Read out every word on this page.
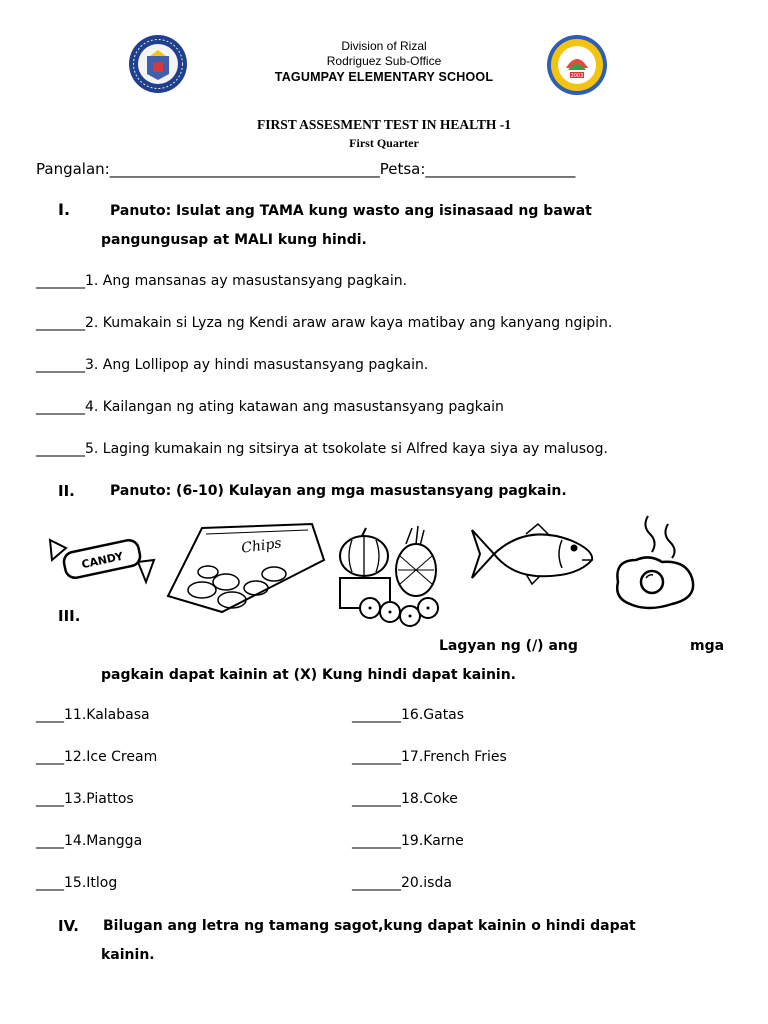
2003
Division of Rizal
Rodriguez Sub-Office
TAGUMPAY ELEMENTARY SCHOOL
FIRST ASSESMENT TEST IN HEALTH -1
First Quarter
Pangalan:____________________________________Petsa:____________________
I.	Panuto: Isulat ang TAMA kung wasto ang isinasaad ng bawat
pangungusap at MALI kung hindi.
_______1. Ang mansanas ay masustansyang pagkain.
_______2. Kumakain si Lyza ng Kendi araw araw kaya matibay ang kanyang ngipin.
_______3. Ang Lollipop ay hindi masustansyang pagkain.
_______4. Kailangan ng ating katawan ang masustansyang pagkain
_______5. Laging kumakain ng sitsirya at tsokolate si Alfred kaya siya ay malusog.
II.	Panuto: (6-10) Kulayan ang mga masustansyang pagkain.
CANDY
Chips
III.
Lagyan ng (/) ang	mga
pagkain dapat kainin at (X) Kung hindi dapat kainin.
____11.Kalabasa
____12.Ice Cream
____13.Piattos
____14.Mangga
____15.Itlog
_______16.Gatas
_______17.French Fries
_______18.Coke
_______19.Karne
_______20.isda
IV. Bilugan ang letra ng tamang sagot,kung dapat kainin o hindi dapat
kainin.
